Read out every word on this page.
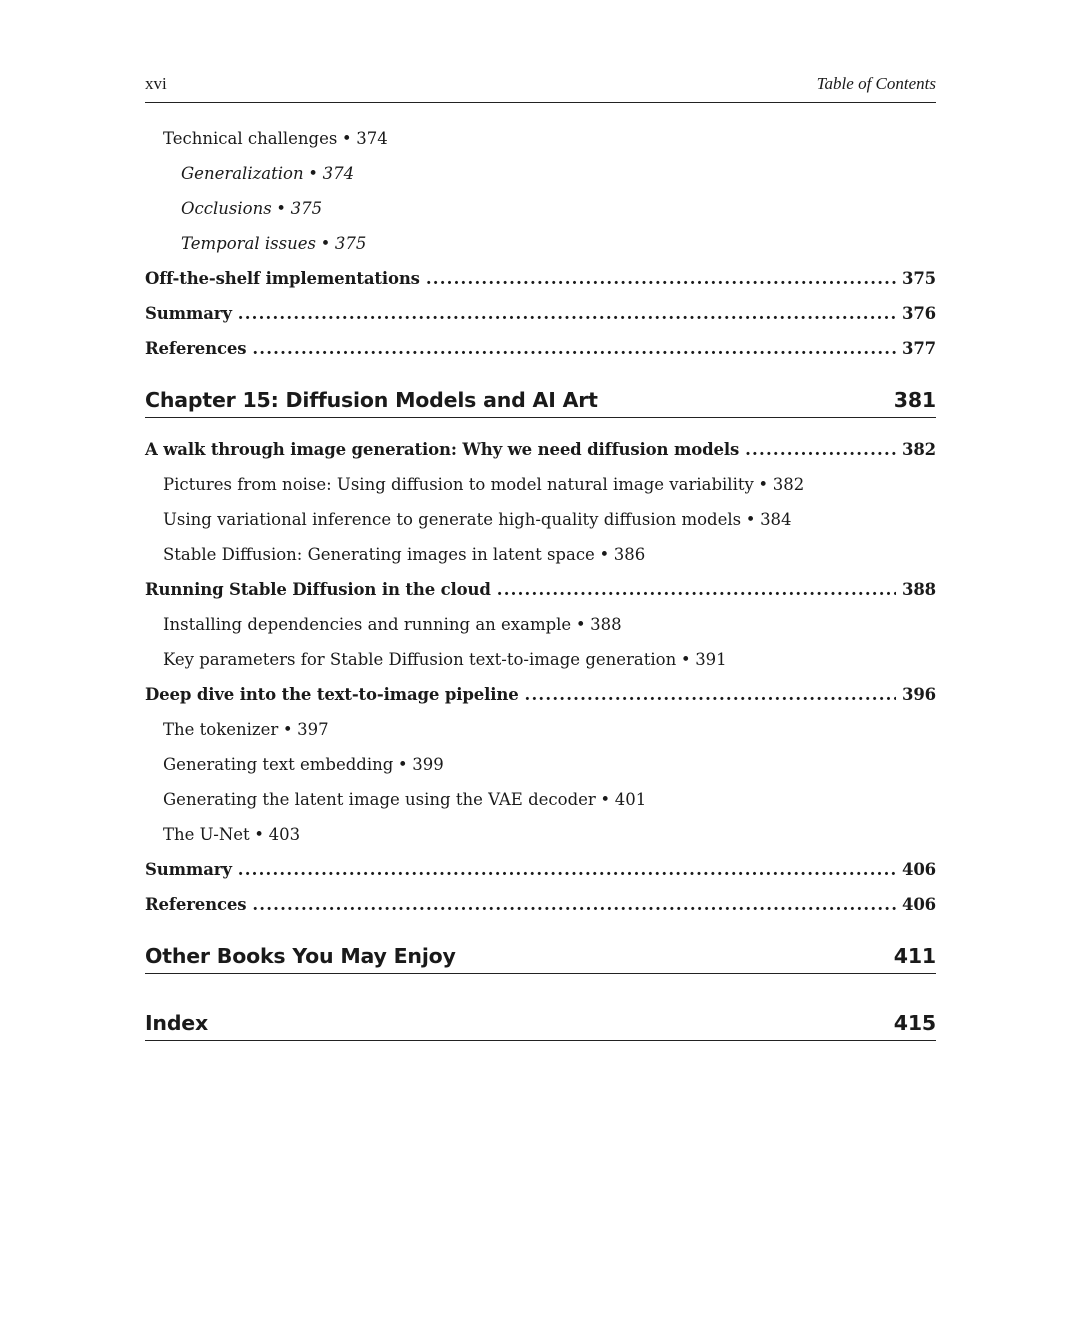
xvi	Table of Contents
Technical challenges • 374
Generalization • 374
Occlusions • 375
Temporal issues • 375
Off-the-shelf implementations .....	375
Summary .....	376
References .....	377
Chapter 15: Diffusion Models and AI Art	381
A walk through image generation: Why we need diffusion models .....	382
Pictures from noise: Using diffusion to model natural image variability • 382
Using variational inference to generate high-quality diffusion models • 384
Stable Diffusion: Generating images in latent space • 386
Running Stable Diffusion in the cloud .....	388
Installing dependencies and running an example • 388
Key parameters for Stable Diffusion text-to-image generation • 391
Deep dive into the text-to-image pipeline .....	396
The tokenizer • 397
Generating text embedding • 399
Generating the latent image using the VAE decoder • 401
The U-Net • 403
Summary .....	406
References .....	406
Other Books You May Enjoy	411
Index	415
